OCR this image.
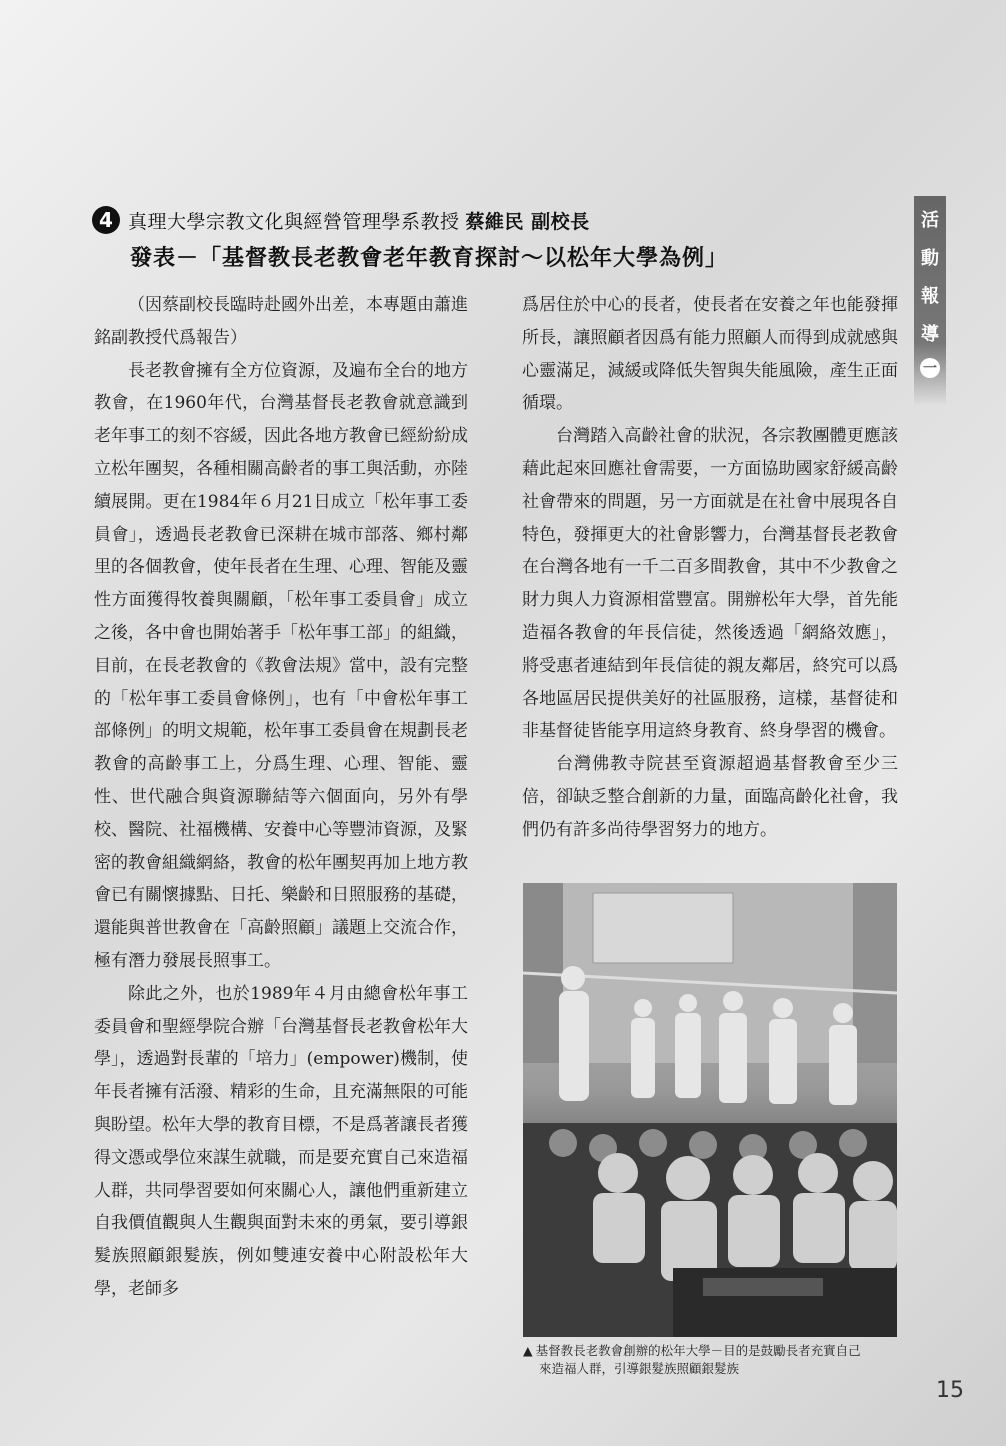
4 真理大學宗教文化與經營管理學系教授 蔡維民 副校長
發表－「基督教長老教會老年教育探討～以松年大學為例」
活
動
報
導
一

（因蔡副校長臨時赴國外出差，本專題由蕭進銘副教授代爲報告）

長老教會擁有全方位資源，及遍布全台的地方教會，在1960年代，台灣基督長老教會就意識到老年事工的刻不容緩，因此各地方教會已經紛紛成立松年團契，各種相關高齡者的事工與活動，亦陸續展開。更在1984年６月21日成立「松年事工委員會」，透過長老教會已深耕在城市部落、鄉村鄰里的各個教會，使年長者在生理、心理、智能及靈性方面獲得牧養與關顧，「松年事工委員會」成立之後，各中會也開始著手「松年事工部」的組織，目前，在長老教會的《教會法規》當中，設有完整的「松年事工委員會條例」，也有「中會松年事工部條例」的明文規範，松年事工委員會在規劃長老教會的高齡事工上，分爲生理、心理、智能、靈性、世代融合與資源聯結等六個面向，另外有學校、醫院、社福機構、安養中心等豐沛資源，及緊密的教會組織網絡，教會的松年團契再加上地方教會已有關懷據點、日托、樂齡和日照服務的基礎，還能與普世教會在「高齡照顧」議題上交流合作，極有潛力發展長照事工。

除此之外，也於1989年４月由總會松年事工委員會和聖經學院合辦「台灣基督長老教會松年大學」，透過對長輩的「培力」(empower)機制，使年長者擁有活潑、精彩的生命，且充滿無限的可能與盼望。松年大學的教育目標，不是爲著讓長者獲得文憑或學位來謀生就職，而是要充實自己來造福人群，共同學習要如何來關心人，讓他們重新建立自我價值觀與人生觀與面對未來的勇氣，要引導銀髮族照顧銀髮族，例如雙連安養中心附設松年大學，老師多

爲居住於中心的長者，使長者在安養之年也能發揮所長，讓照顧者因爲有能力照顧人而得到成就感與心靈滿足，減緩或降低失智與失能風險，產生正面循環。

台灣踏入高齡社會的狀況，各宗教團體更應該藉此起來回應社會需要，一方面協助國家舒緩高齡社會帶來的問題，另一方面就是在社會中展現各自特色，發揮更大的社會影響力，台灣基督長老教會在台灣各地有一千二百多間教會，其中不少教會之財力與人力資源相當豐富。開辦松年大學，首先能造福各教會的年長信徒，然後透過「網絡效應」，將受惠者連結到年長信徒的親友鄰居，終究可以爲各地區居民提供美好的社區服務，這樣，基督徒和非基督徒皆能享用這終身教育、終身學習的機會。

台灣佛教寺院甚至資源超過基督教會至少三倍，卻缺乏整合創新的力量，面臨高齡化社會，我們仍有許多尚待學習努力的地方。

▲ 基督教長老教會創辦的松年大學－目的是鼓勵長者充實自己
來造福人群，引導銀髮族照顧銀髮族
15
